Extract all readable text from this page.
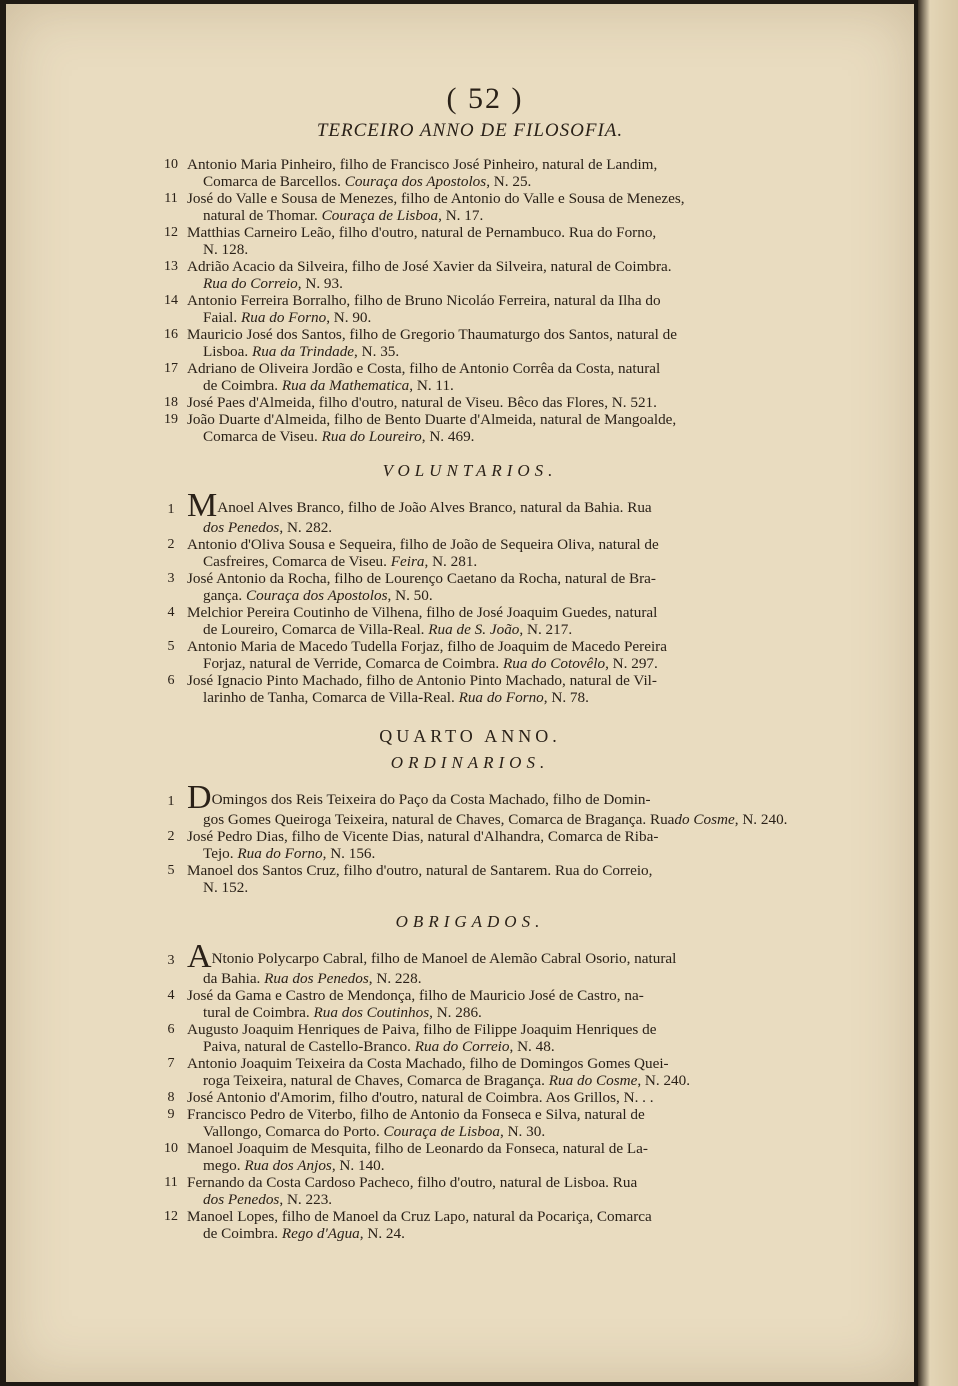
( 52 )
TERCEIRO ANNO DE FILOSOFIA.
10 Antonio Maria Pinheiro, filho de Francisco José Pinheiro, natural de Landim,
Comarca de Barcellos. Couraça dos Apostolos, N. 25.
11 José do Valle e Sousa de Menezes, filho de Antonio do Valle e Sousa de Menezes,
natural de Thomar. Couraça de Lisboa, N. 17.
12 Matthias Carneiro Leão, filho d'outro, natural de Pernambuco. Rua do Forno,
N. 128.
13 Adrião Acacio da Silveira, filho de José Xavier da Silveira, natural de Coimbra.
Rua do Correio, N. 93.
14 Antonio Ferreira Borralho, filho de Bruno Nicoláo Ferreira, natural da Ilha do
Faial. Rua do Forno, N. 90.
16 Mauricio José dos Santos, filho de Gregorio Thaumaturgo dos Santos, natural de
Lisboa. Rua da Trindade, N. 35.
17 Adriano de Oliveira Jordão e Costa, filho de Antonio Corrêa da Costa, natural
de Coimbra. Rua da Mathematica, N. 11.
18 José Paes d'Almeida, filho d'outro, natural de Viseu. Bêco das Flores, N. 521.
19 João Duarte d'Almeida, filho de Bento Duarte d'Almeida, natural de Mangoalde,
Comarca de Viseu. Rua do Loureiro, N. 469.
VOLUNTARIOS.
1 MAnoel Alves Branco, filho de João Alves Branco, natural da Bahia. Rua
dos Penedos, N. 282.
2 Antonio d'Oliva Sousa e Sequeira, filho de João de Sequeira Oliva, natural de
Casfreires, Comarca de Viseu. Feira, N. 281.
3 José Antonio da Rocha, filho de Lourenço Caetano da Rocha, natural de Bra-
gança. Couraça dos Apostolos, N. 50.
4 Melchior Pereira Coutinho de Vilhena, filho de José Joaquim Guedes, natural
de Loureiro, Comarca de Villa-Real. Rua de S. João, N. 217.
5 Antonio Maria de Macedo Tudella Forjaz, filho de Joaquim de Macedo Pereira
Forjaz, natural de Verride, Comarca de Coimbra. Rua do Cotovêlo, N. 297.
6 José Ignacio Pinto Machado, filho de Antonio Pinto Machado, natural de Vil-
larinho de Tanha, Comarca de Villa-Real. Rua do Forno, N. 78.
QUARTO ANNO.
ORDINARIOS.
1 DOmingos dos Reis Teixeira do Paço da Costa Machado, filho de Domin-
gos Gomes Queiroga Teixeira, natural de Chaves, Comarca de Bragança. Ruado Cosme, N. 240.
2 José Pedro Dias, filho de Vicente Dias, natural d'Alhandra, Comarca de Riba-
Tejo. Rua do Forno, N. 156.
5 Manoel dos Santos Cruz, filho d'outro, natural de Santarem. Rua do Correio,
N. 152.
OBRIGADOS.
3 ANtonio Polycarpo Cabral, filho de Manoel de Alemão Cabral Osorio, natural
da Bahia. Rua dos Penedos, N. 228.
4 José da Gama e Castro de Mendonça, filho de Mauricio José de Castro, na-
tural de Coimbra. Rua dos Coutinhos, N. 286.
6 Augusto Joaquim Henriques de Paiva, filho de Filippe Joaquim Henriques de
Paiva, natural de Castello-Branco. Rua do Correio, N. 48.
7 Antonio Joaquim Teixeira da Costa Machado, filho de Domingos Gomes Quei-
roga Teixeira, natural de Chaves, Comarca de Bragança. Rua do Cosme, N. 240.
8 José Antonio d'Amorim, filho d'outro, natural de Coimbra. Aos Grillos, N. . .
9 Francisco Pedro de Viterbo, filho de Antonio da Fonseca e Silva, natural de
Vallongo, Comarca do Porto. Couraça de Lisboa, N. 30.
10 Manoel Joaquim de Mesquita, filho de Leonardo da Fonseca, natural de La-
mego. Rua dos Anjos, N. 140.
11 Fernando da Costa Cardoso Pacheco, filho d'outro, natural de Lisboa. Rua
dos Penedos, N. 223.
12 Manoel Lopes, filho de Manoel da Cruz Lapo, natural da Pocariça, Comarca
de Coimbra. Rego d'Agua, N. 24.
